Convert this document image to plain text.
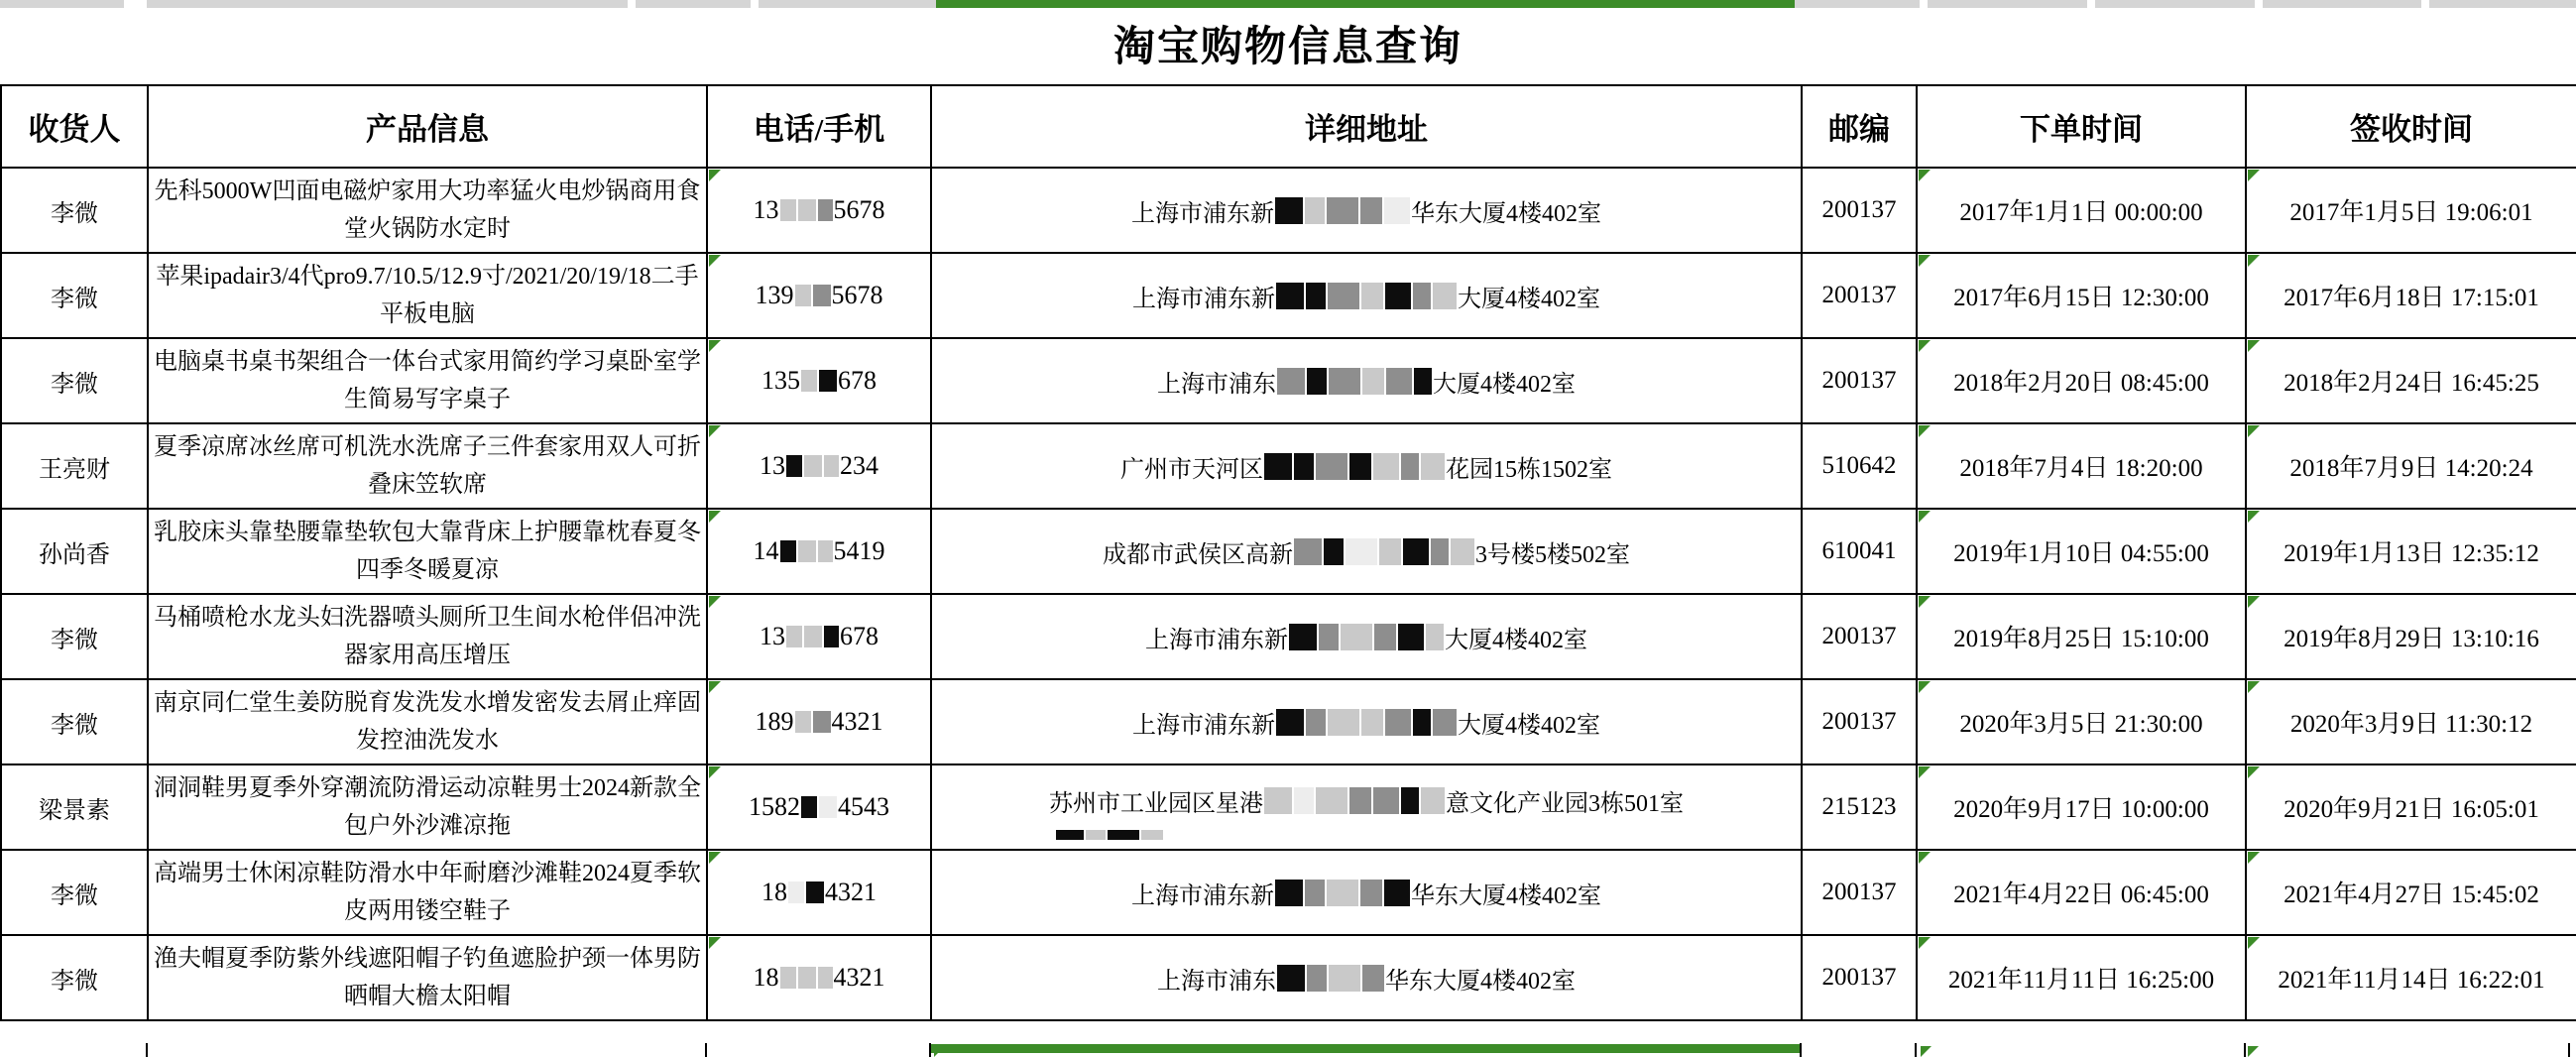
淘宝购物信息查询
收货人	产品信息	电话/手机	详细地址	邮编	下单时间	签收时间
李微	先科5000W凹面电磁炉家用大功率猛火电炒锅商用食堂火锅防水定时	13 5678	上海市浦东新 华东大厦4楼402室	200137	2017年1月1日 00:00:00	2017年1月5日 19:06:01
李微	苹果ipadair3/4代pro9.7/10.5/12.9寸/2021/20/19/18二手平板电脑	139 5678	上海市浦东新 大厦4楼402室	200137	2017年6月15日 12:30:00	2017年6月18日 17:15:01
李微	电脑桌书桌书架组合一体台式家用简约学习桌卧室学生简易写字桌子	135 678	上海市浦东 大厦4楼402室	200137	2018年2月20日 08:45:00	2018年2月24日 16:45:25
王亮财	夏季凉席冰丝席可机洗水洗席子三件套家用双人可折叠床笠软席	13 234	广州市天河区 花园15栋1502室	510642	2018年7月4日 18:20:00	2018年7月9日 14:20:24
孙尚香	乳胶床头靠垫腰靠垫软包大靠背床上护腰靠枕春夏冬四季冬暖夏凉	14 5419	成都市武侯区高新 3号楼5楼502室	610041	2019年1月10日 04:55:00	2019年1月13日 12:35:12
李微	马桶喷枪水龙头妇洗器喷头厕所卫生间水枪伴侣冲洗器家用高压增压	13 678	上海市浦东新 大厦4楼402室	200137	2019年8月25日 15:10:00	2019年8月29日 13:10:16
李微	南京同仁堂生姜防脱育发洗发水增发密发去屑止痒固发控油洗发水	189 4321	上海市浦东新 大厦4楼402室	200137	2020年3月5日 21:30:00	2020年3月9日 11:30:12
梁景素	洞洞鞋男夏季外穿潮流防滑运动凉鞋男士2024新款全包户外沙滩凉拖	1582 4543	苏州市工业园区星港 意文化产业园3栋501室	215123	2020年9月17日 10:00:00	2020年9月21日 16:05:01
李微	高端男士休闲凉鞋防滑水中年耐磨沙滩鞋2024夏季软皮两用镂空鞋子	18 4321	上海市浦东新 华东大厦4楼402室	200137	2021年4月22日 06:45:00	2021年4月27日 15:45:02
李微	渔夫帽夏季防紫外线遮阳帽子钓鱼遮脸护颈一体男防晒帽大檐太阳帽	18 4321	上海市浦东 华东大厦4楼402室	200137	2021年11月11日 16:25:00	2021年11月14日 16:22:01
